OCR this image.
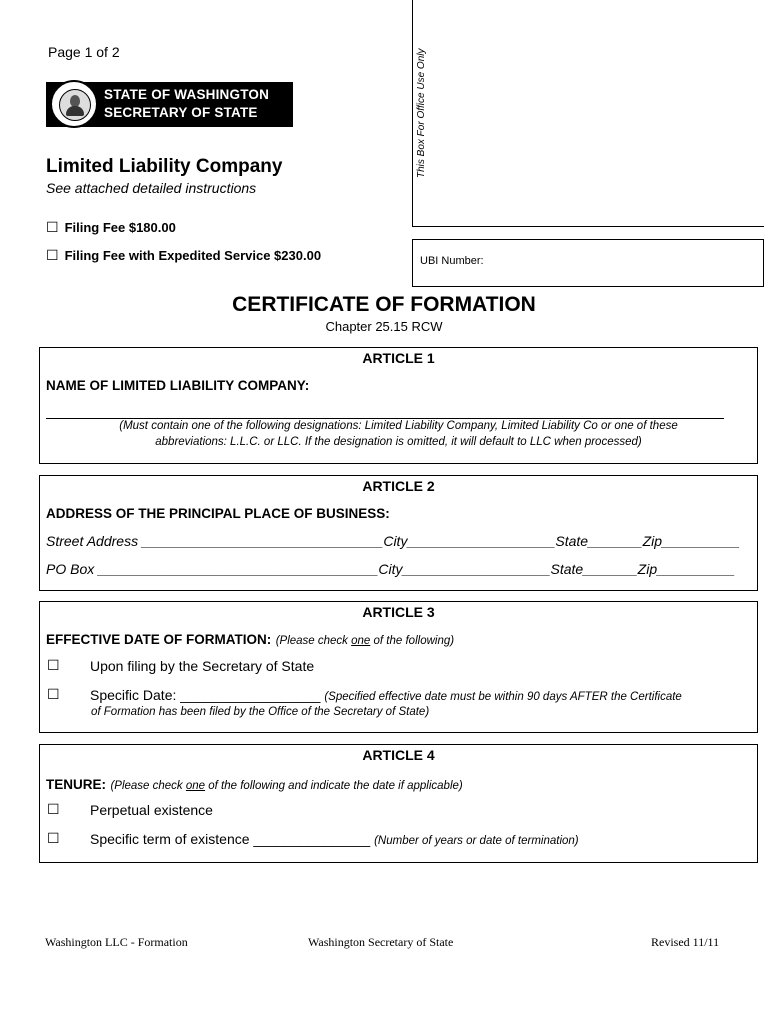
Page 1 of 2
STATE OF WASHINGTON
SECRETARY OF STATE
Limited Liability Company
See attached detailed instructions
☐ Filing Fee $180.00
☐ Filing Fee with Expedited Service $230.00
This Box For Office Use Only
UBI Number:
CERTIFICATE OF FORMATION
Chapter 25.15 RCW
ARTICLE 1
NAME OF LIMITED LIABILITY COMPANY:
(Must contain one of the following designations: Limited Liability Company, Limited Liability Co or one of these
abbreviations: L.L.C. or LLC. If the designation is omitted, it will default to LLC when processed)
ARTICLE 2
ADDRESS OF THE PRINCIPAL PLACE OF BUSINESS:
Street Address _______________________________City___________________State_______Zip__________
PO Box ____________________________________City___________________State_______Zip__________
ARTICLE 3
EFFECTIVE DATE OF FORMATION: (Please check one of the following)
☐ Upon filing by the Secretary of State
☐ Specific Date: __________________ (Specified effective date must be within 90 days AFTER the Certificate
of Formation has been filed by the Office of the Secretary of State)
ARTICLE 4
TENURE: (Please check one of the following and indicate the date if applicable)
☐ Perpetual existence
☐ Specific term of existence _______________ (Number of years or date of termination)
Washington LLC - Formation	Washington Secretary of State	Revised 11/11
